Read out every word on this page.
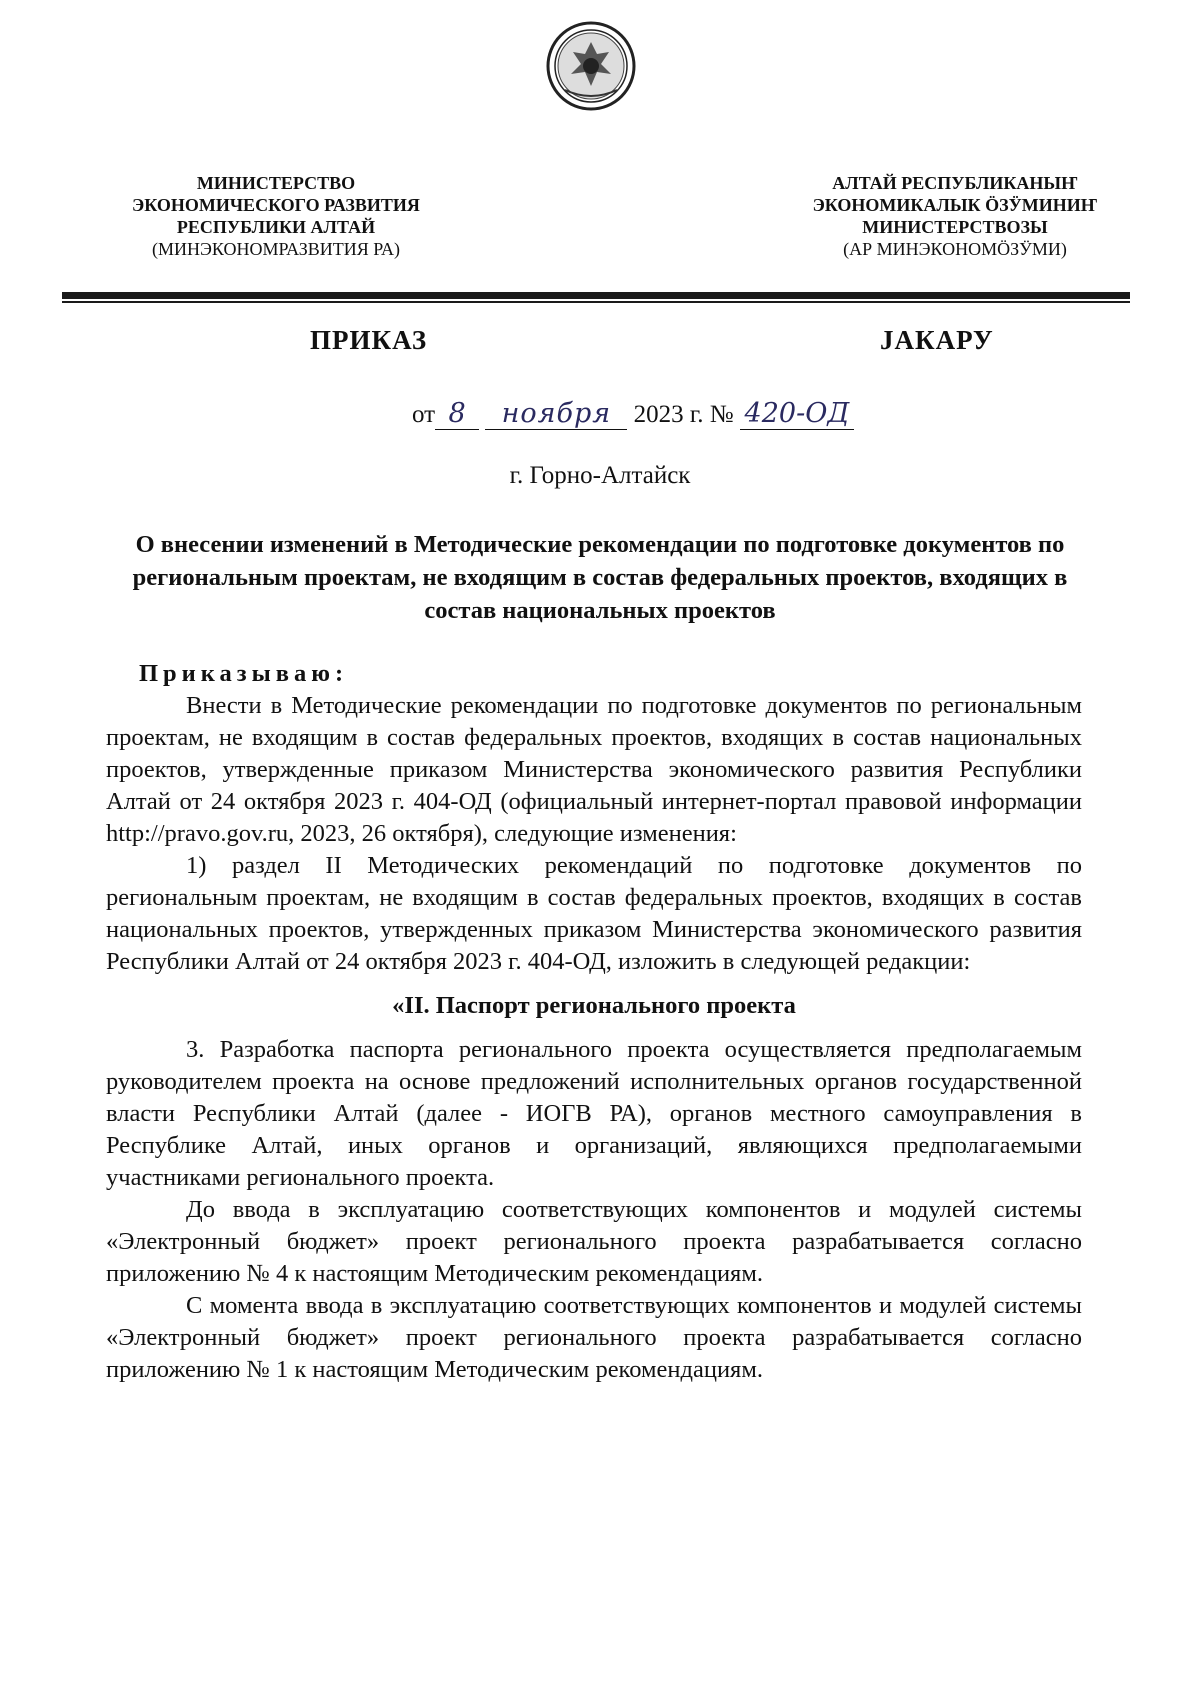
МИНИСТЕРСТВО
ЭКОНОМИЧЕСКОГО РАЗВИТИЯ
РЕСПУБЛИКИ АЛТАЙ
(МИНЭКОНОМРАЗВИТИЯ РА)
АЛТАЙ РЕСПУБЛИКАНЫҤ
ЭКОНОМИКАЛЫК ӦЗӰМИНИҤ
МИНИСТЕРСТВОЗЫ
(АР МИНЭКОНОМӦЗӰМИ)
ПРИКАЗ	JАКАРУ
от 8 ноября 2023 г. № 420-ОД
г. Горно-Алтайск
О внесении изменений в Методические рекомендации по подготовке документов по региональным проектам, не входящим в состав федеральных проектов, входящих в состав национальных проектов

Приказываю:

Внести в Методические рекомендации по подготовке документов по региональным проектам, не входящим в состав федеральных проектов, входящих в состав национальных проектов, утвержденные приказом Министерства экономического развития Республики Алтай от 24 октября 2023 г. 404-ОД (официальный интернет-портал правовой информации http://pravo.gov.ru, 2023, 26 октября), следующие изменения:

1) раздел II Методических рекомендаций по подготовке документов по региональным проектам, не входящим в состав федеральных проектов, входящих в состав национальных проектов, утвержденных приказом Министерства экономического развития Республики Алтай от 24 октября 2023 г. 404-ОД, изложить в следующей редакции:

«II. Паспорт регионального проекта

3. Разработка паспорта регионального проекта осуществляется предполагаемым руководителем проекта на основе предложений исполнительных органов государственной власти Республики Алтай (далее - ИОГВ РА), органов местного самоуправления в Республике Алтай, иных органов и организаций, являющихся предполагаемыми участниками регионального проекта.

До ввода в эксплуатацию соответствующих компонентов и модулей системы «Электронный бюджет» проект регионального проекта разрабатывается согласно приложению № 4 к настоящим Методическим рекомендациям.

С момента ввода в эксплуатацию соответствующих компонентов и модулей системы «Электронный бюджет» проект регионального проекта разрабатывается согласно приложению № 1 к настоящим Методическим рекомендациям.
